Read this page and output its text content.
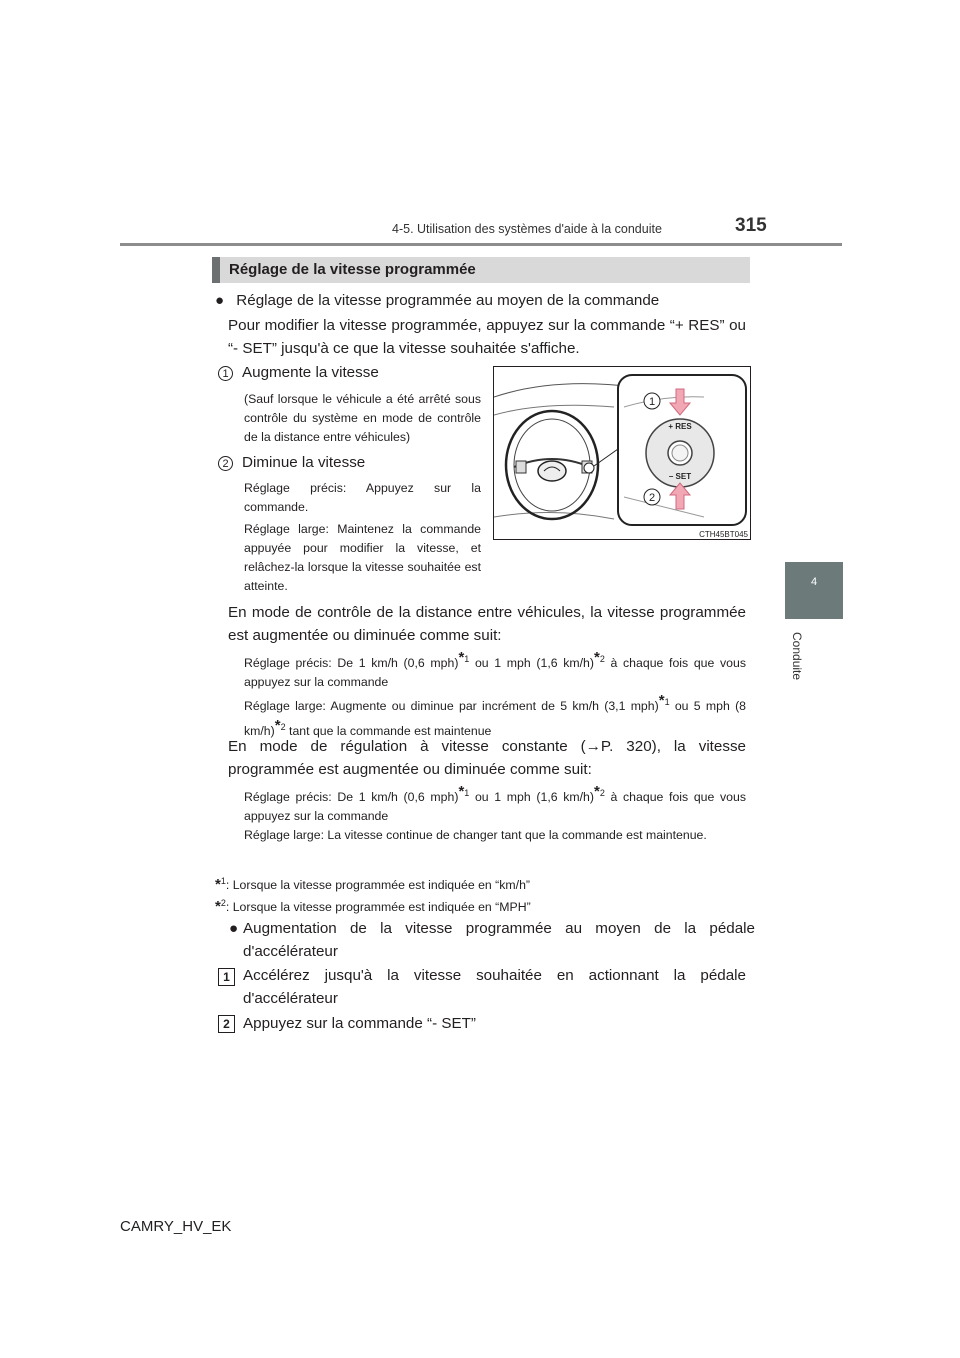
4-5. Utilisation des systèmes d'aide à la conduite	315
4
Conduite
Réglage de la vitesse programmée
● Réglage de la vitesse programmée au moyen de la commande
Pour modifier la vitesse programmée, appuyez sur la commande “+ RES” ou “- SET” jusqu'à ce que la vitesse souhaitée s'affiche.
1 Augmente la vitesse
(Sauf lorsque le véhicule a été arrêté sous contrôle du système en mode de contrôle de la distance entre véhicules)
2 Diminue la vitesse
Réglage précis: Appuyez sur la commande.
Réglage large: Maintenez la commande appuyée pour modifier la vitesse, et relâchez-la lorsque la vitesse souhaitée est atteinte.
+ RES
– SET
1
2
CTH45BT045
En mode de contrôle de la distance entre véhicules, la vitesse programmée est augmentée ou diminuée comme suit:
Réglage précis: De 1 km/h (0,6 mph)$^{*1}$ ou 1 mph (1,6 km/h)$^{*2}$ à chaque fois que vous appuyez sur la commande
Réglage large: Augmente ou diminue par incrément de 5 km/h (3,1 mph)$^{*1}$ ou 5 mph (8 km/h)$^{*2}$ tant que la commande est maintenue
En mode de régulation à vitesse constante (→P. 320), la vitesse programmée est augmentée ou diminuée comme suit:
Réglage précis: De 1 km/h (0,6 mph)$^{*1}$ ou 1 mph (1,6 km/h)$^{*2}$ à chaque fois que vous appuyez sur la commande
Réglage large: La vitesse continue de changer tant que la commande est maintenue.
*$^1$: Lorsque la vitesse programmée est indiquée en “km/h”
*$^2$: Lorsque la vitesse programmée est indiquée en “MPH”
● Augmentation de la vitesse programmée au moyen de la pédale d'accélérateur
1 Accélérez jusqu'à la vitesse souhaitée en actionnant la pédale d'accélérateur
2 Appuyez sur la commande “- SET”
CAMRY_HV_EK
